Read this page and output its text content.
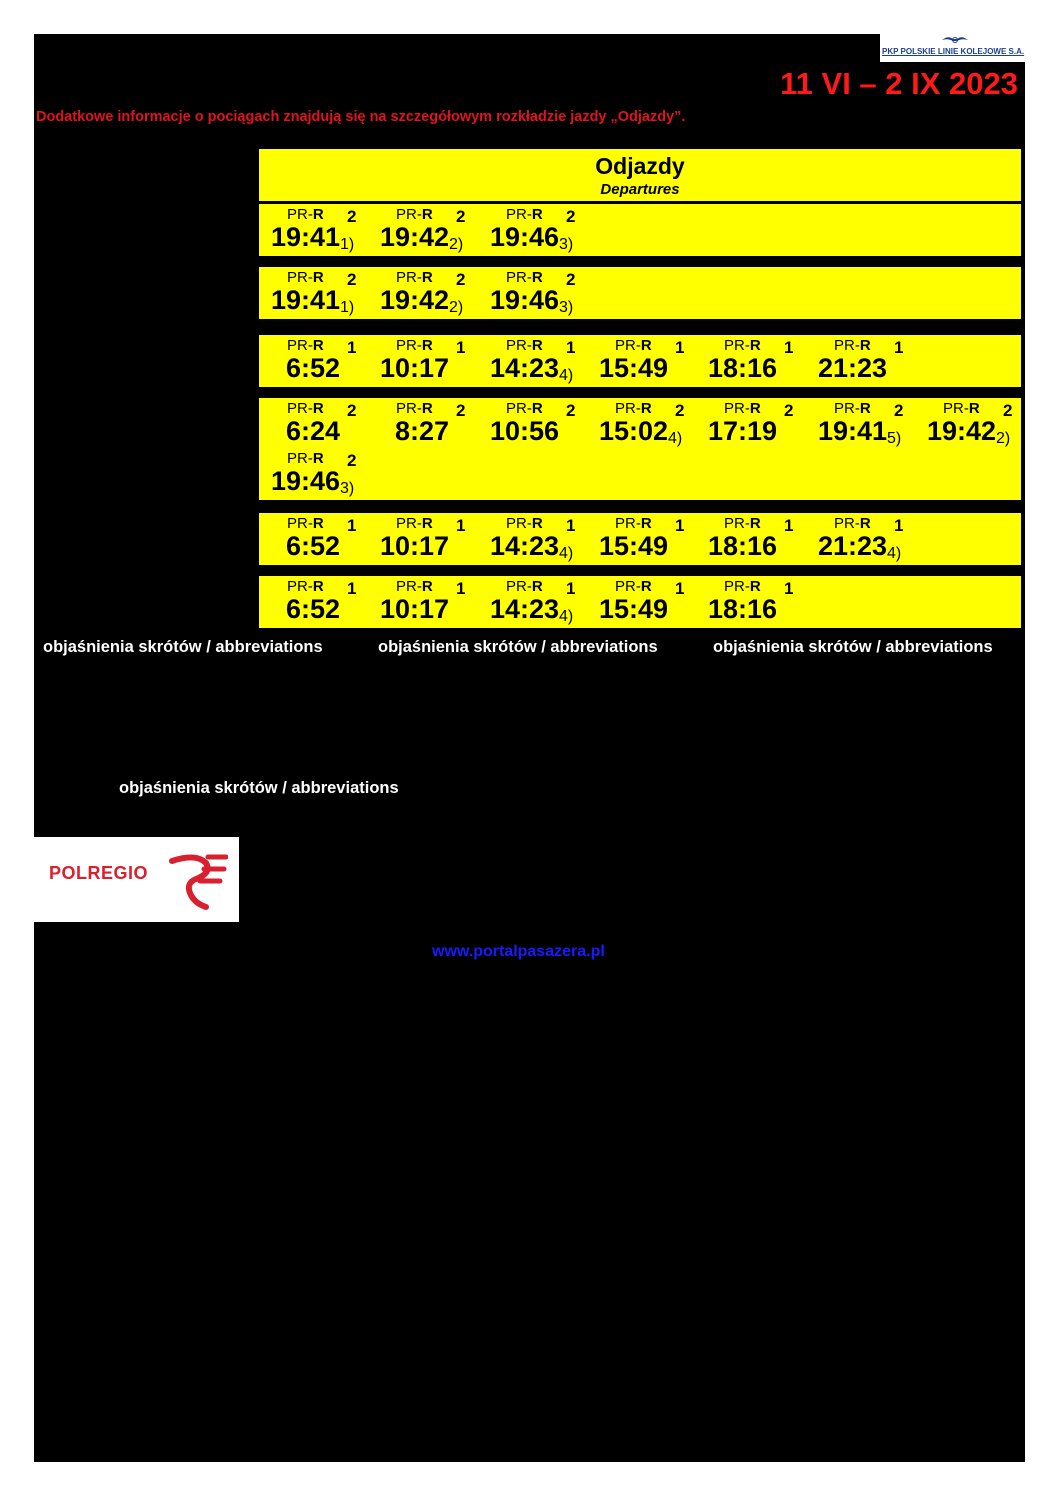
PKP POLSKIE LINIE KOLEJOWE S.A.
11 VI – 2 IX 2023
Dodatkowe informacje o pociągach znajdują się na szczegółowym rozkładzie jazdy „Odjazdy”.
Odjazdy
Departures
PR-R 2
19:41 1)
PR-R 2
19:42 2)
PR-R 2
19:46 3)
PR-R 2
19:41 1)
PR-R 2
19:42 2)
PR-R 2
19:46 3)
PR-R 1
6:52
PR-R 1
10:17
PR-R 1
14:23 4)
PR-R 1
15:49
PR-R 1
18:16
PR-R 1
21:23
PR-R 2
6:24
PR-R 2
8:27
PR-R 2
10:56
PR-R 2
15:02 4)
PR-R 2
17:19
PR-R 2
19:41 5)
PR-R 2
19:42 2)
PR-R 2
19:46 3)
PR-R 1
6:52
PR-R 1
10:17
PR-R 1
14:23 4)
PR-R 1
15:49
PR-R 1
18:16
PR-R 1
21:23 4)
PR-R 1
6:52
PR-R 1
10:17
PR-R 1
14:23 4)
PR-R 1
15:49
PR-R 1
18:16
objaśnienia skrótów / abbreviations	objaśnienia skrótów / abbreviations	objaśnienia skrótów / abbreviations
objaśnienia skrótów / abbreviations
POLREGIO
www.portalpasazera.pl
